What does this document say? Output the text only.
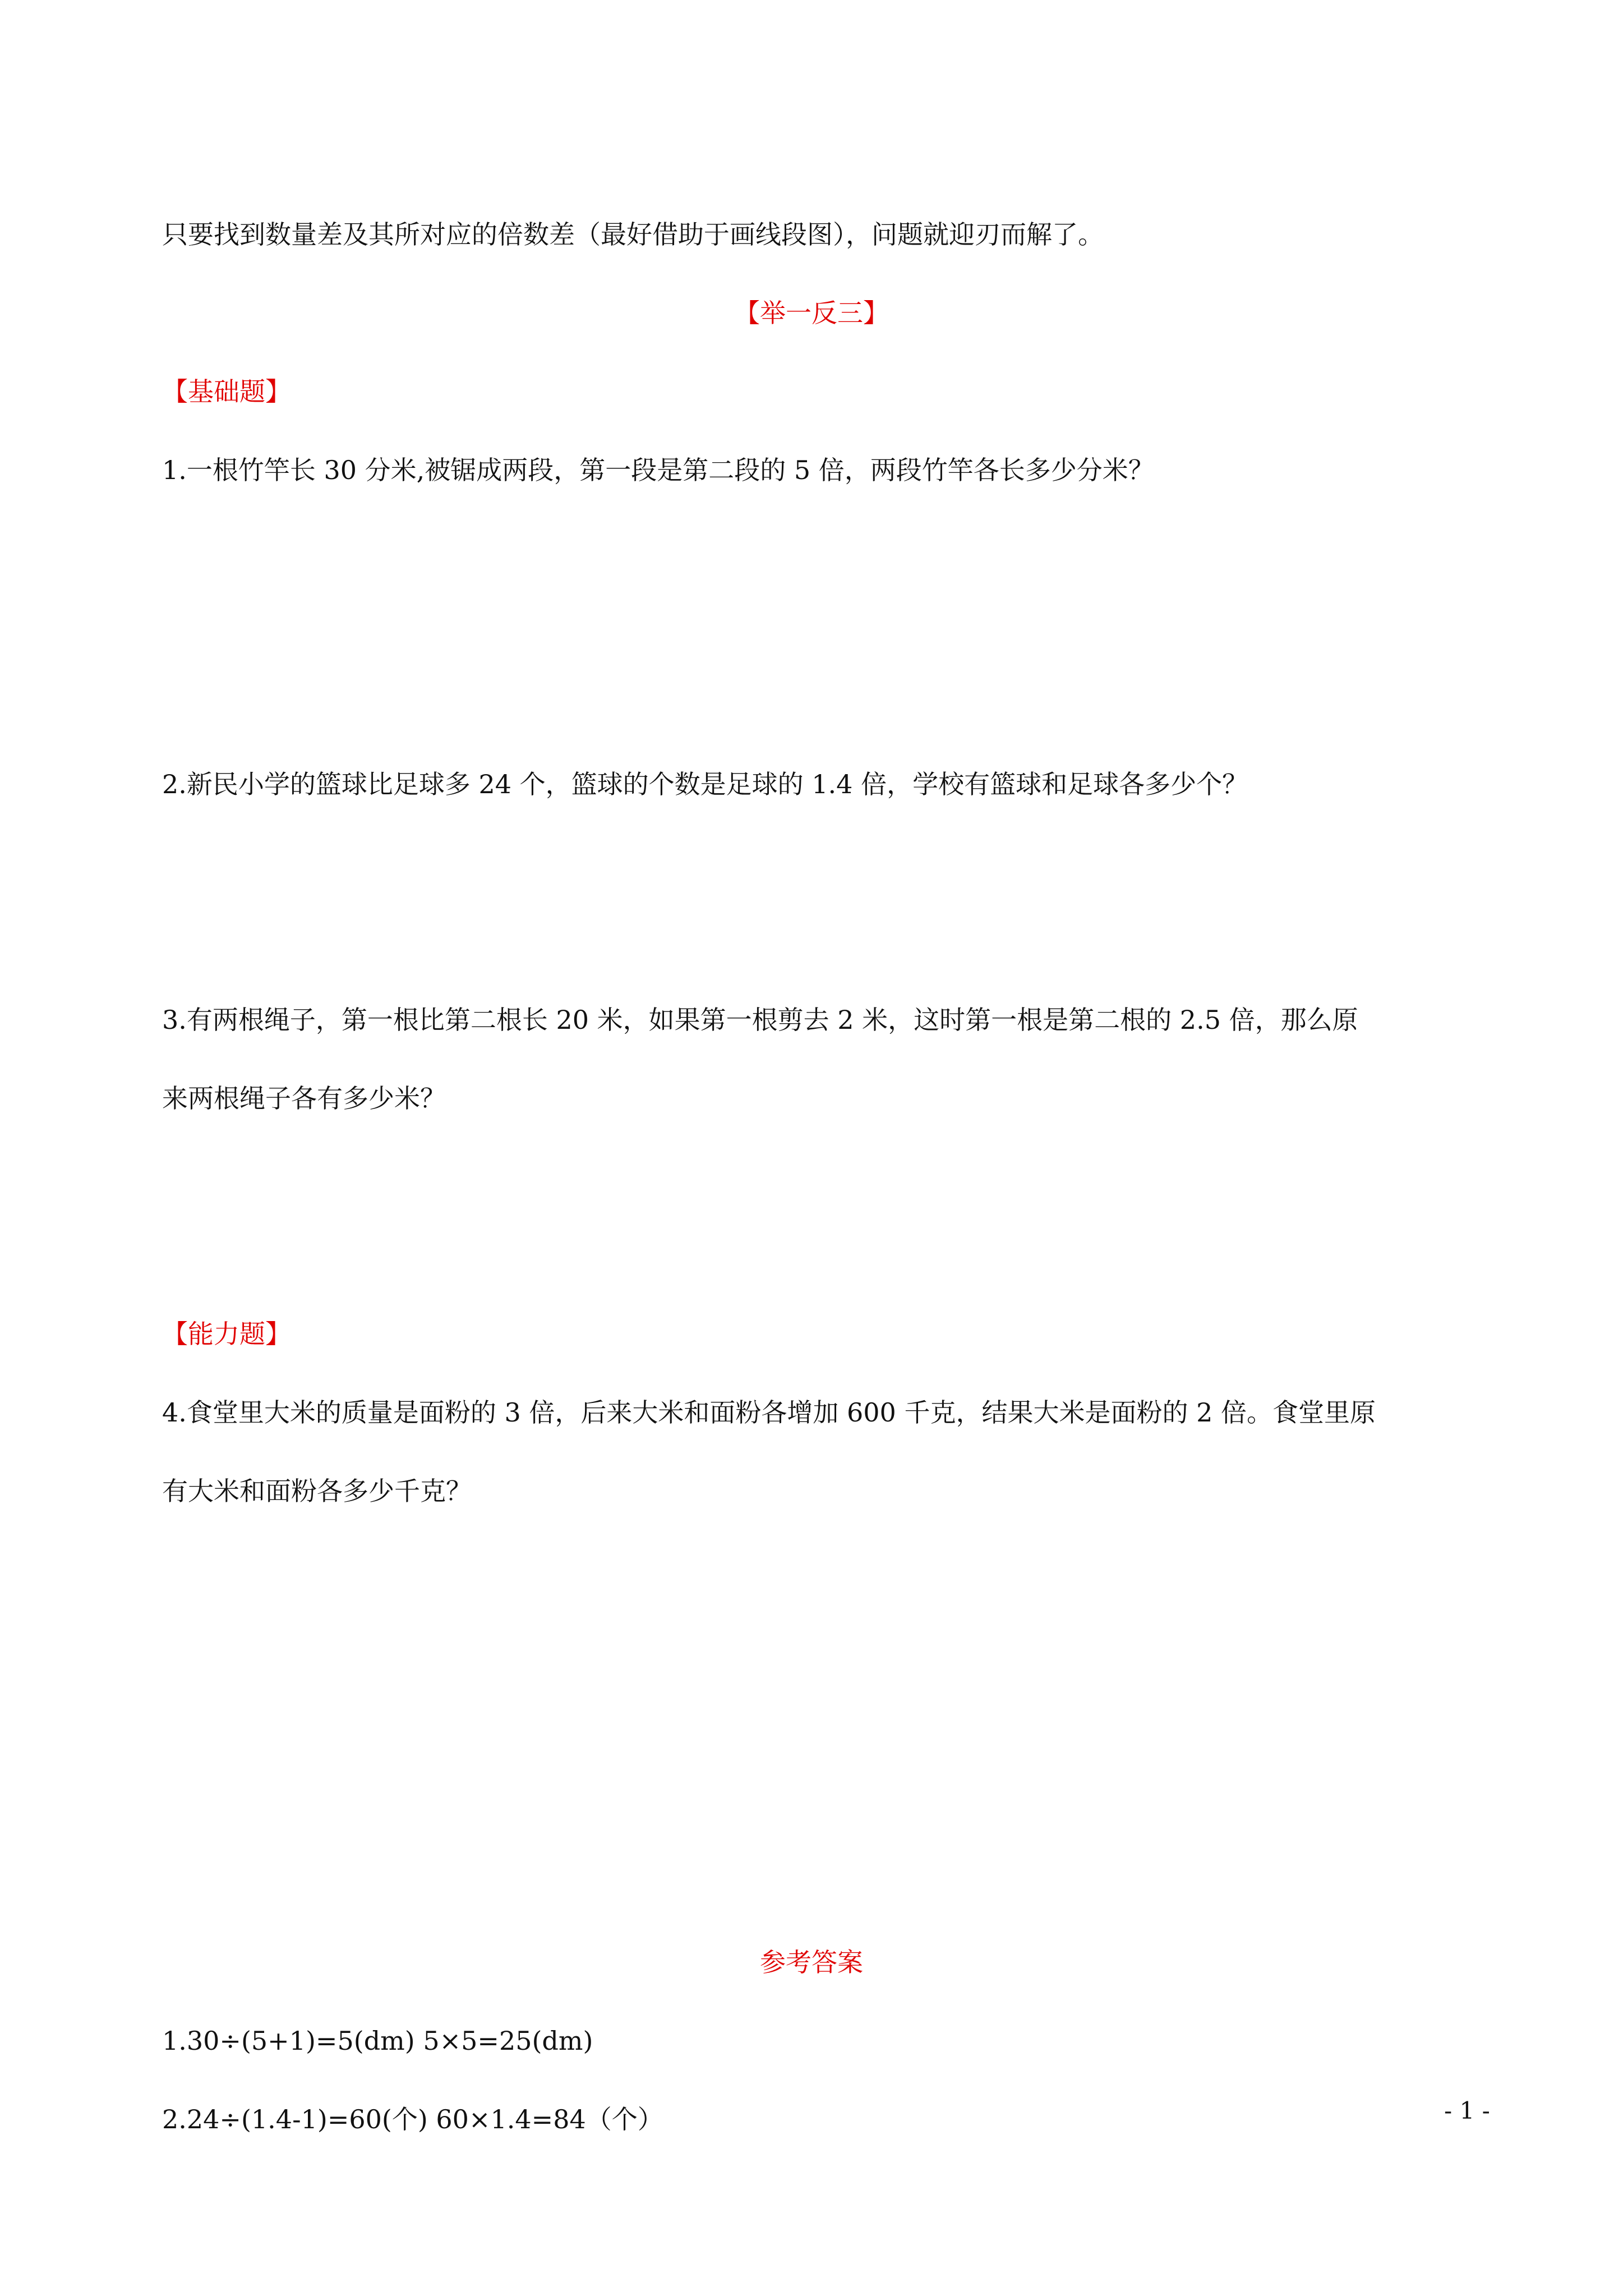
只要找到数量差及其所对应的倍数差（最好借助于画线段图），问题就迎刃而解了。
【举一反三】
【基础题】
1.一根竹竿长 30 分米,被锯成两段，第一段是第二段的 5 倍，两段竹竿各长多少分米？
2.新民小学的篮球比足球多 24 个，篮球的个数是足球的 1.4 倍，学校有篮球和足球各多少个？
3.有两根绳子，第一根比第二根长 20 米，如果第一根剪去 2 米，这时第一根是第二根的 2.5 倍，那么原
来两根绳子各有多少米？
【能力题】
4.食堂里大米的质量是面粉的 3 倍，后来大米和面粉各增加 600 千克，结果大米是面粉的 2 倍。食堂里原
有大米和面粉各多少千克？
参考答案
1.30÷(5+1)=5(dm) 5×5=25(dm)
2.24÷(1.4-1)=60(个) 60×1.4=84（个）	- 1 -
